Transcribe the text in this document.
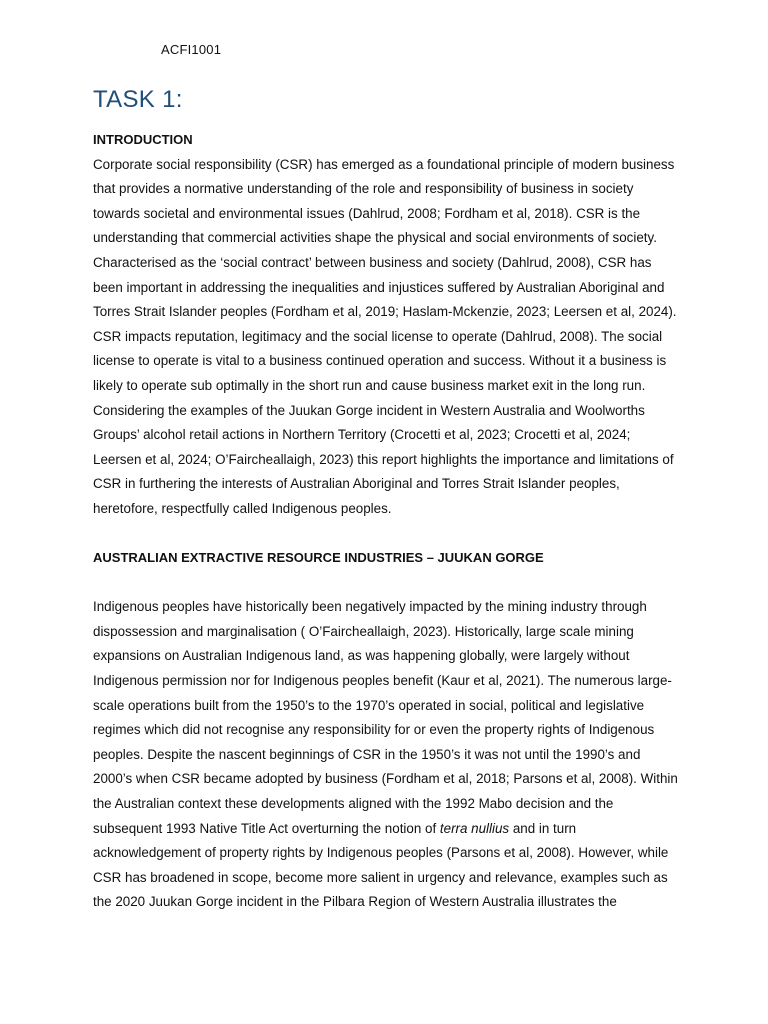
ACFI1001
TASK 1:

INTRODUCTION

Corporate social responsibility (CSR) has emerged as a foundational principle of modern business that provides a normative understanding of the role and responsibility of business in society towards societal and environmental issues (Dahlrud, 2008; Fordham et al, 2018). CSR is the understanding that commercial activities shape the physical and social environments of society. Characterised as the ‘social contract’ between business and society (Dahlrud, 2008), CSR has been important in addressing the inequalities and injustices suffered by Australian Aboriginal and Torres Strait Islander peoples (Fordham et al, 2019; Haslam-Mckenzie, 2023; Leersen et al, 2024). CSR impacts reputation, legitimacy and the social license to operate (Dahlrud, 2008). The social license to operate is vital to a business continued operation and success. Without it a business is likely to operate sub optimally in the short run and cause business market exit in the long run. Considering the examples of the Juukan Gorge incident in Western Australia and Woolworths Groups’ alcohol retail actions in Northern Territory (Crocetti et al, 2023; Crocetti et al, 2024; Leersen et al, 2024; O’Faircheallaigh, 2023) this report highlights the importance and limitations of CSR in furthering the interests of Australian Aboriginal and Torres Strait Islander peoples, heretofore, respectfully called Indigenous peoples.

AUSTRALIAN EXTRACTIVE RESOURCE INDUSTRIES – JUUKAN GORGE

Indigenous peoples have historically been negatively impacted by the mining industry through dispossession and marginalisation ( O’Faircheallaigh, 2023). Historically, large scale mining expansions on Australian Indigenous land, as was happening globally, were largely without Indigenous permission nor for Indigenous peoples benefit (Kaur et al, 2021). The numerous large-scale operations built from the 1950’s to the 1970’s operated in social, political and legislative regimes which did not recognise any responsibility for or even the property rights of Indigenous peoples. Despite the nascent beginnings of CSR in the 1950’s it was not until the 1990’s and 2000’s when CSR became adopted by business (Fordham et al, 2018; Parsons et al, 2008). Within the Australian context these developments aligned with the 1992 Mabo decision and the subsequent 1993 Native Title Act overturning the notion of terra nullius and in turn acknowledgement of property rights by Indigenous peoples (Parsons et al, 2008). However, while CSR has broadened in scope, become more salient in urgency and relevance, examples such as the 2020 Juukan Gorge incident in the Pilbara Region of Western Australia illustrates the
